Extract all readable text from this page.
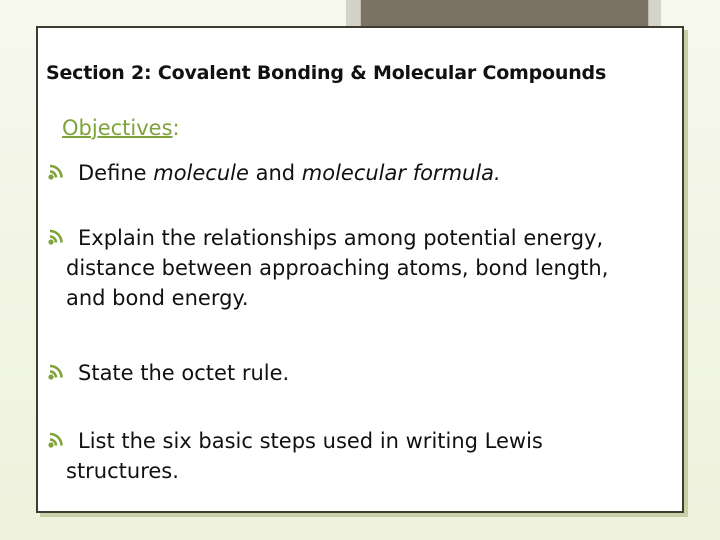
Section 2: Covalent Bonding & Molecular Compounds
Objectives:
Define molecule and molecular formula.
Explain the relationships among potential energy,
distance between approaching atoms, bond length,
and bond energy.
State the octet rule.
List the six basic steps used in writing Lewis
structures.
